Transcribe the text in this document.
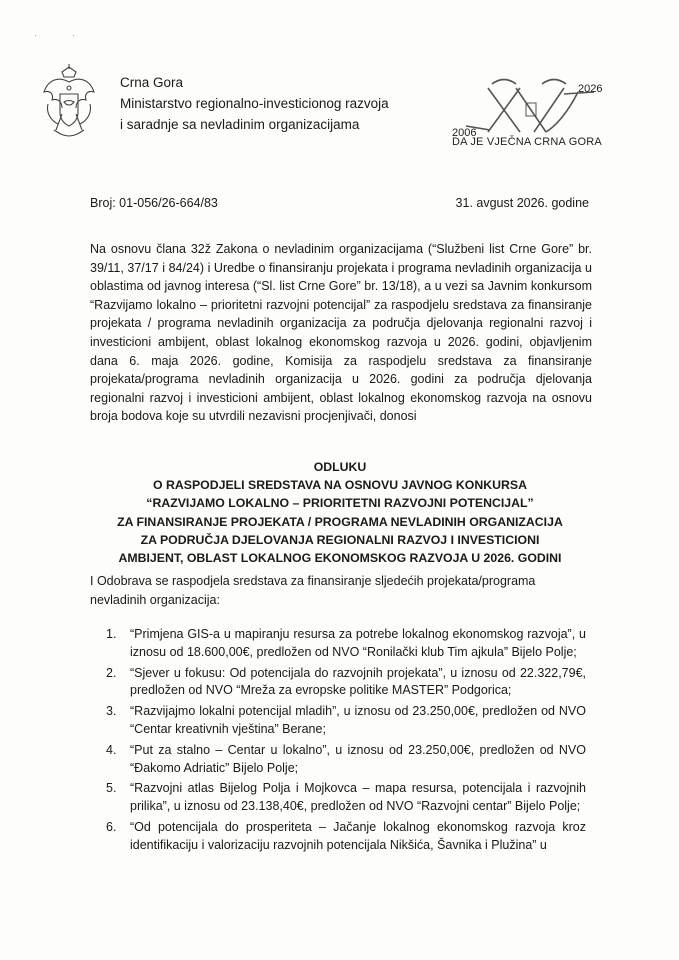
·	·
Crna Gora
Ministarstvo regionalno-investicionog razvoja
i saradnje sa nevladinim organizacijama
2006
2026
DA JE VJEČNA CRNA GORA
Broj: 01-056/26-664/83	31. avgust 2026. godine
Na osnovu člana 32ž Zakona o nevladinim organizacijama (“Službeni list Crne Gore” br. 39/11, 37/17 i 84/24) i Uredbe o finansiranju projekata i programa nevladinih organizacija u oblastima od javnog interesa (“Sl. list Crne Gore” br. 13/18), a u vezi sa Javnim konkursom “Razvijamo lokalno – prioritetni razvojni potencijal” za raspodjelu sredstava za finansiranje projekata / programa nevladinih organizacija za područja djelovanja regionalni razvoj i investicioni ambijent, oblast lokalnog ekonomskog razvoja u 2026. godini, objavljenim dana 6. maja 2026. godine, Komisija za raspodjelu sredstava za finansiranje projekata/programa nevladinih organizacija u 2026. godini za područja djelovanja regionalni razvoj i investicioni ambijent, oblast lokalnog ekonomskog razvoja na osnovu broja bodova koje su utvrdili nezavisni procjenjivači, donosi
ODLUKU
O RASPODJELI SREDSTAVA NA OSNOVU JAVNOG KONKURSA
“RAZVIJAMO LOKALNO – PRIORITETNI RAZVOJNI POTENCIJAL”
ZA FINANSIRANJE PROJEKATA / PROGRAMA NEVLADINIH ORGANIZACIJA
ZA PODRUČJA DJELOVANJA REGIONALNI RAZVOJ I INVESTICIONI
AMBIJENT, OBLAST LOKALNOG EKONOMSKOG RAZVOJA U 2026. GODINI
I Odobrava se raspodjela sredstava za finansiranje sljedećih projekata/programa nevladinih organizacija:
1.	“Primjena GIS-a u mapiranju resursa za potrebe lokalnog ekonomskog razvoja”, u iznosu od 18.600,00€, predložen od NVO “Ronilački klub Tim ajkula” Bijelo Polje;
2.	“Sjever u fokusu: Od potencijala do razvojnih projekata”, u iznosu od 22.322,79€, predložen od NVO “Mreža za evropske politike MASTER” Podgorica;
3.	“Razvijajmo lokalni potencijal mladih”, u iznosu od 23.250,00€, predložen od NVO “Centar kreativnih vještina” Berane;
4.	“Put za stalno – Centar u lokalno”, u iznosu od 23.250,00€, predložen od NVO “Đakomo Adriatic” Bijelo Polje;
5.	“Razvojni atlas Bijelog Polja i Mojkovca – mapa resursa, potencijala i razvojnih prilika”, u iznosu od 23.138,40€, predložen od NVO “Razvojni centar” Bijelo Polje;
6.	“Od potencijala do prosperiteta – Jačanje lokalnog ekonomskog razvoja kroz identifikaciju i valorizaciju razvojnih potencijala Nikšića, Šavnika i Plužina” u
